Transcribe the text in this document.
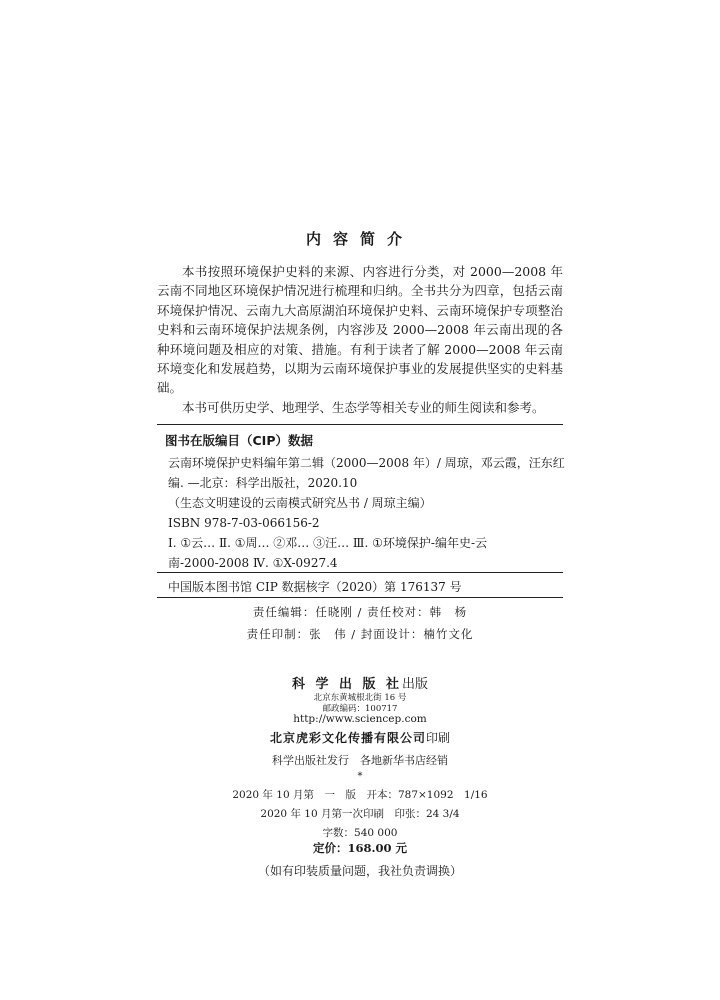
内容简介

本书按照环境保护史料的来源、内容进行分类，对 2000—2008 年云南不同地区环境保护情况进行梳理和归纳。全书共分为四章，包括云南环境保护情况、云南九大高原湖泊环境保护史料、云南环境保护专项整治史料和云南环境保护法规条例，内容涉及 2000—2008 年云南出现的各种环境问题及相应的对策、措施。有利于读者了解 2000—2008 年云南环境变化和发展趋势，以期为云南环境保护事业的发展提供坚实的史料基础。

本书可供历史学、地理学、生态学等相关专业的师生阅读和参考。

图书在版编目（CIP）数据
云南环境保护史料编年第二辑（2000—2008 年）/ 周琼，邓云霞，汪东红
编. —北京：科学出版社，2020.10
（生态文明建设的云南模式研究丛书 / 周琼主编）
ISBN 978-7-03-066156-2
Ⅰ. ①云… Ⅱ. ①周… ②邓… ③汪… Ⅲ. ①环境保护-编年史-云
南-2000-2008 Ⅳ. ①X-0927.4
中国版本图书馆 CIP 数据核字（2020）第 176137 号
责任编辑：任晓刚 / 责任校对：韩　杨
责任印制：张　伟 / 封面设计：楠竹文化
科 学 出 版 社出版
北京东黄城根北街 16 号
邮政编码：100717
http://www.sciencep.com
北京虎彩文化传播有限公司印刷
科学出版社发行　各地新华书店经销
*
2020 年 10 月第　一　版　开本：787×1092　1/16
2020 年 10 月第一次印刷　印张：24 3/4
字数：540 000
定价：168.00 元
（如有印装质量问题，我社负责调换）
